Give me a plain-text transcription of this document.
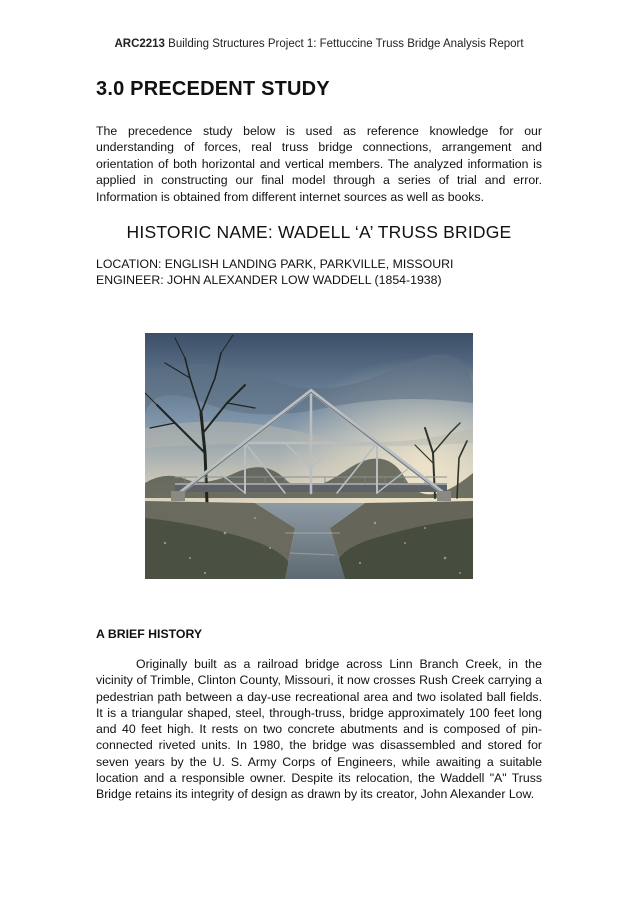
ARC2213 Building Structures Project 1: Fettuccine Truss Bridge Analysis Report
3.0 PRECEDENT STUDY
The precedence study below is used as reference knowledge for our understanding of forces, real truss bridge connections, arrangement and orientation of both horizontal and vertical members. The analyzed information is applied in constructing our final model through a series of trial and error. Information is obtained from different internet sources as well as books.
HISTORIC NAME: WADELL ‘A’ TRUSS BRIDGE
LOCATION: ENGLISH LANDING PARK, PARKVILLE, MISSOURI
ENGINEER: JOHN ALEXANDER LOW WADDELL (1854-1938)
A BRIEF HISTORY
Originally built as a railroad bridge across Linn Branch Creek, in the vicinity of Trimble, Clinton County, Missouri, it now crosses Rush Creek carrying a pedestrian path between a day-use recreational area and two isolated ball fields. It is a triangular shaped, steel, through-truss, bridge approximately 100 feet long and 40 feet high. It rests on two concrete abutments and is composed of pin-connected riveted units. In 1980, the bridge was disassembled and stored for seven years by the U. S. Army Corps of Engineers, while awaiting a suitable location and a responsible owner. Despite its relocation, the Waddell "A" Truss Bridge retains its integrity of design as drawn by its creator, John Alexander Low.
